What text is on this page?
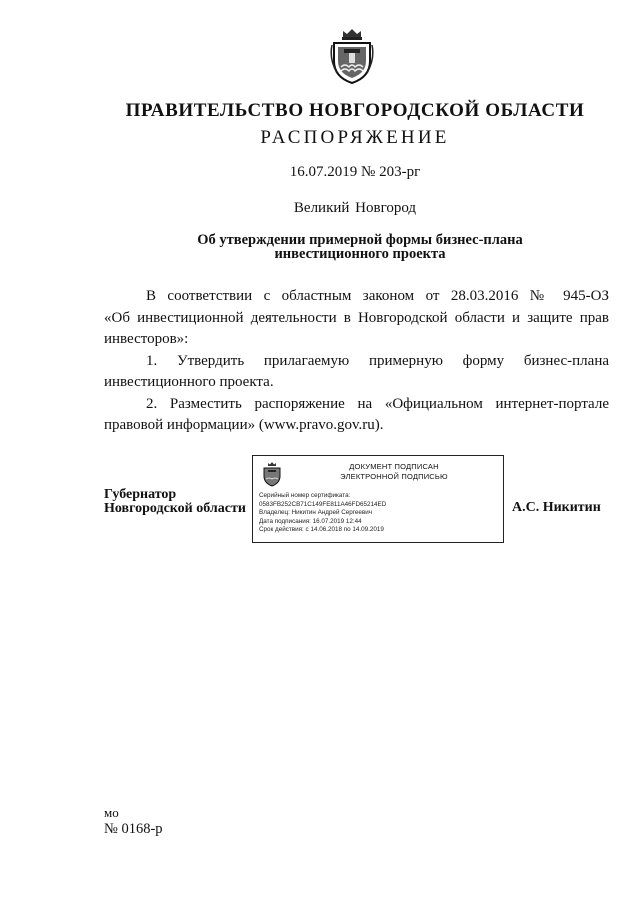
ПРАВИТЕЛЬСТВО НОВГОРОДСКОЙ ОБЛАСТИ
РАСПОРЯЖЕНИЕ
16.07.2019 № 203-рг
Великий Новгород
Об утверждении примерной формы бизнес-плана
инвестиционного проекта

В соответствии с областным законом от 28.03.2016 № 945-ОЗ

«Об инвестиционной деятельности в Новгородской области и защите прав

инвесторов»:

1. Утвердить прилагаемую примерную форму бизнес-плана

инвестиционного проекта.

2. Разместить распоряжение на «Официальном интернет-портале

правовой информации» (www.pravo.gov.ru).

Губернатор
Новгородской области
ДОКУМЕНТ ПОДПИСАН
ЭЛЕКТРОННОЙ ПОДПИСЬЮ
Серийный номер сертификата:
0583FB252CB71C149FE811A46FD65214ED
Владелец: Никитин Андрей Сергеевич
Дата подписания: 16.07.2019 12:44
Срок действия: с 14.06.2018 по 14.09.2019
А.С. Никитин
мо
№ 0168-р
